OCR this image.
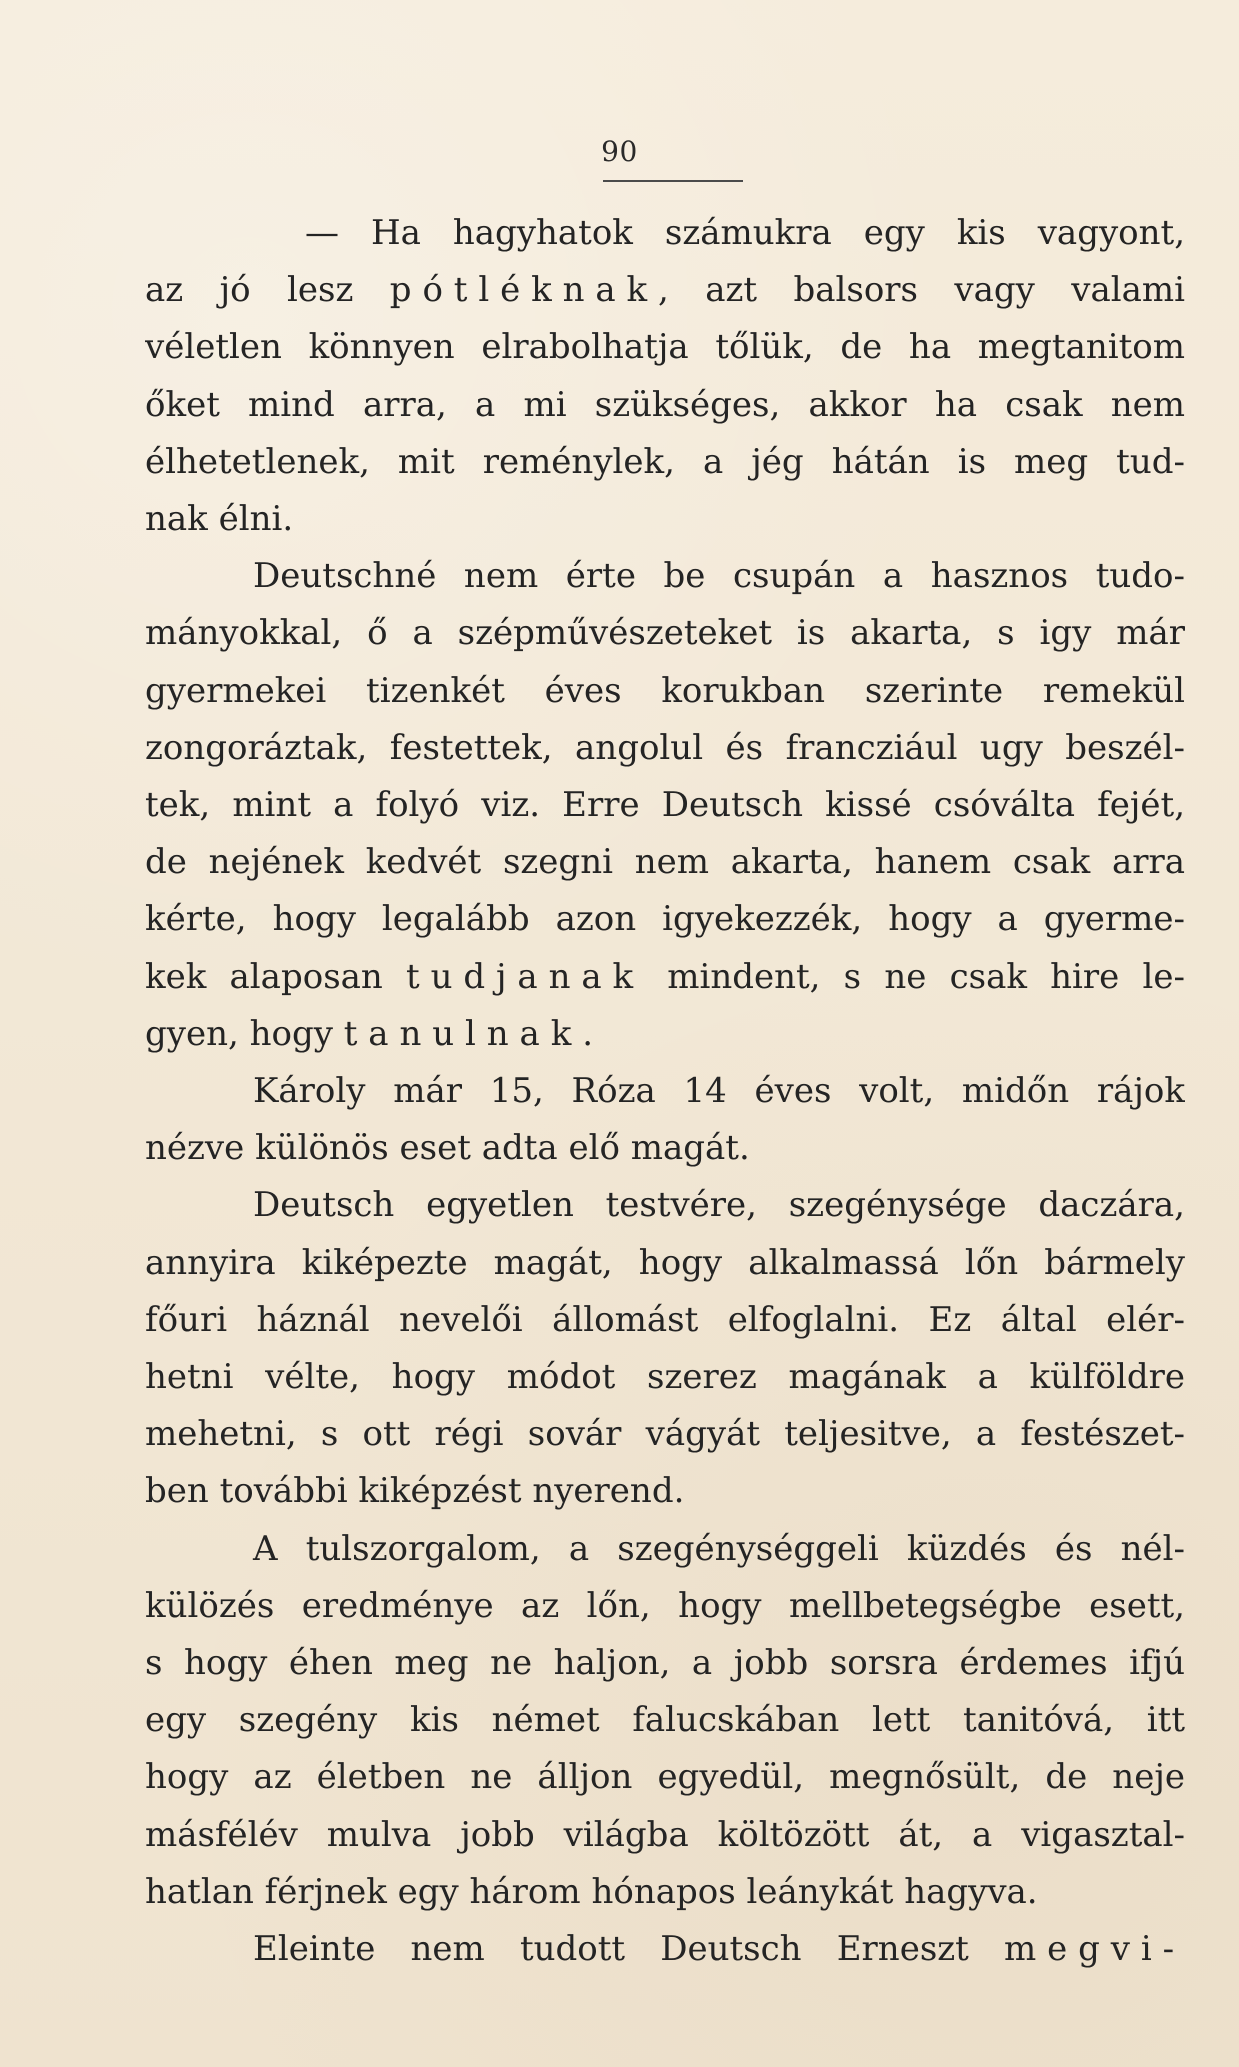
90
— Ha hagyhatok számukra egy kis vagyont,
az jó lesz pótléknak, azt balsors vagy valami
véletlen könnyen elrabolhatja tőlük, de ha megtanitom
őket mind arra, a mi szükséges, akkor ha csak nem
élhetetlenek, mit reménylek, a jég hátán is meg tud-
nak élni.
Deutschné nem érte be csupán a hasznos tudo-
mányokkal, ő a szépművészeteket is akarta, s igy már
gyermekei tizenkét éves korukban szerinte remekül
zongoráztak, festettek, angolul és francziául ugy beszél-
tek, mint a folyó viz. Erre Deutsch kissé csóválta fejét,
de nejének kedvét szegni nem akarta, hanem csak arra
kérte, hogy legalább azon igyekezzék, hogy a gyerme-
kek alaposan tudjanak mindent, s ne csak hire le-
gyen, hogy tanulnak.
Károly már 15, Róza 14 éves volt, midőn rájok
nézve különös eset adta elő magát.
Deutsch egyetlen testvére, szegénysége daczára,
annyira kiképezte magát, hogy alkalmassá lőn bármely
főuri háznál nevelői állomást elfoglalni. Ez által elér-
hetni vélte, hogy módot szerez magának a külföldre
mehetni, s ott régi sovár vágyát teljesitve, a festészet-
ben további kiképzést nyerend.
A tulszorgalom, a szegénységgeli küzdés és nél-
külözés eredménye az lőn, hogy mellbetegségbe esett,
s hogy éhen meg ne haljon, a jobb sorsra érdemes ifjú
egy szegény kis német falucskában lett tanitóvá, itt
hogy az életben ne álljon egyedül, megnősült, de neje
másfélév mulva jobb világba költözött át, a vigasztal-
hatlan férjnek egy három hónapos leánykát hagyva.
Eleinte nem tudott Deutsch Erneszt megvi-
